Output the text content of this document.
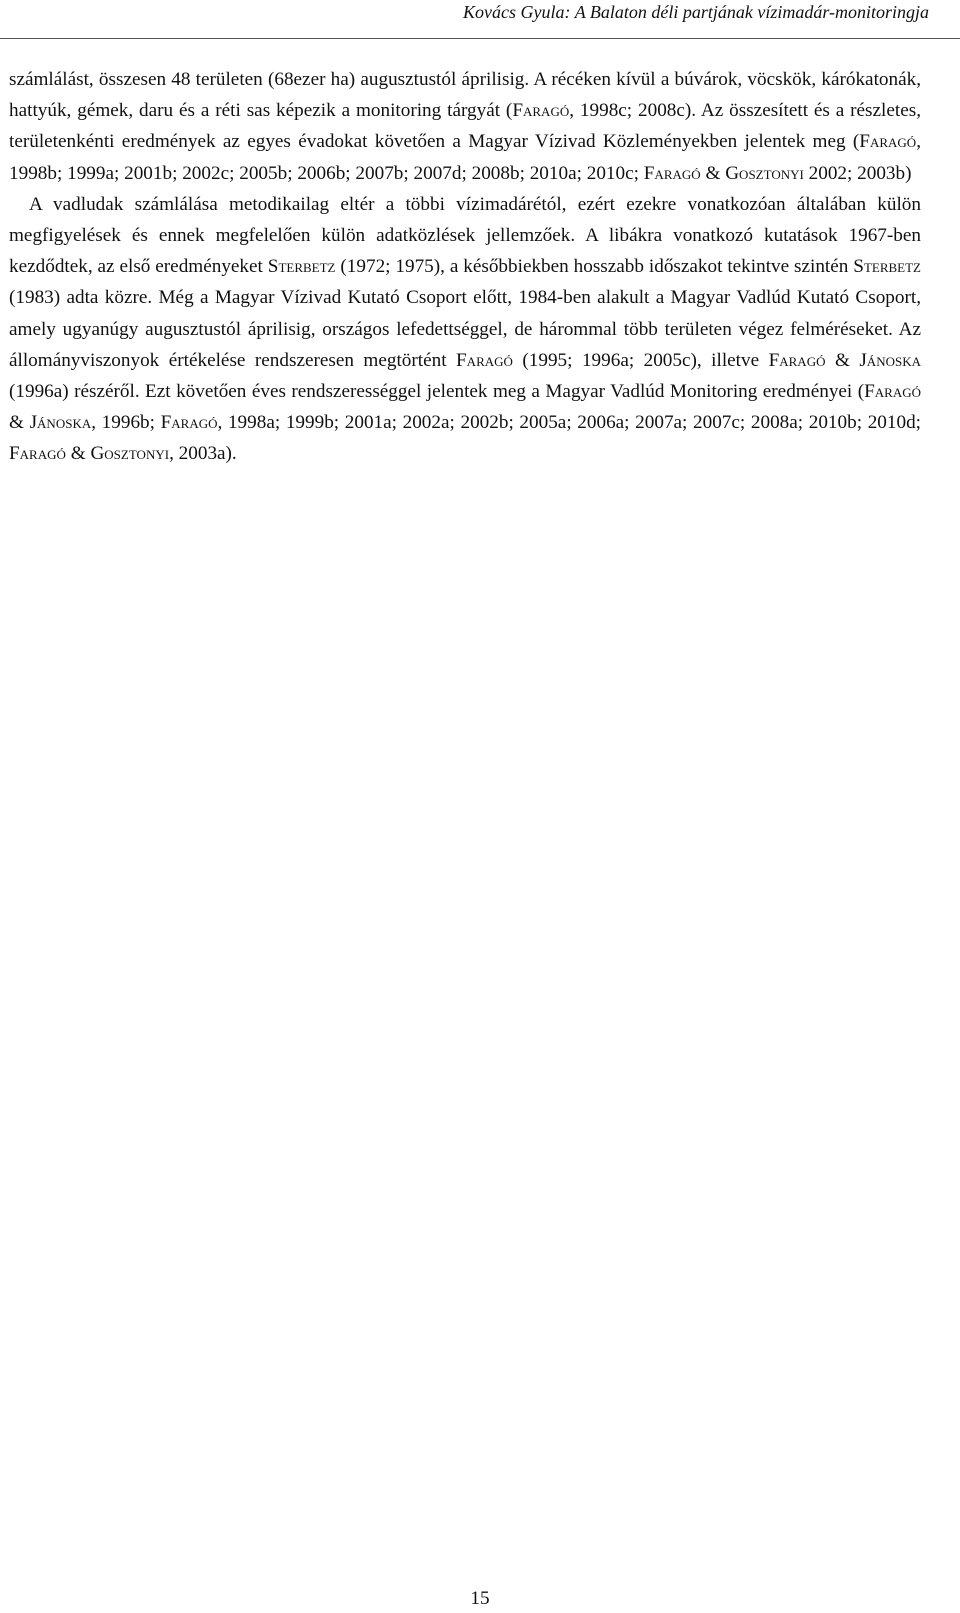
Kovács Gyula: A Balaton déli partjának vízimadár-monitoringja

számlálást, összesen 48 területen (68ezer ha) augusztustól áprilisig. A récéken kívül a búvárok, vöcskök, kárókatonák, hattyúk, gémek, daru és a réti sas képezik a monitoring tárgyát (Faragó, 1998c; 2008c). Az összesített és a részletes, területenkénti eredmények az egyes évadokat követően a Magyar Vízivad Közleményekben jelentek meg (Faragó, 1998b; 1999a; 2001b; 2002c; 2005b; 2006b; 2007b; 2007d; 2008b; 2010a; 2010c; Faragó & Gosztonyi 2002; 2003b)

A vadludak számlálása metodikailag eltér a többi vízimadárétól, ezért ezekre vonatkozóan általában külön megfigyelések és ennek megfelelően külön adatközlések jellemzőek. A libákra vonatkozó kutatások 1967-ben kezdődtek, az első eredményeket Sterbetz (1972; 1975), a későbbiekben hosszabb időszakot tekintve szintén Sterbetz (1983) adta közre. Még a Magyar Vízivad Kutató Csoport előtt, 1984-ben alakult a Magyar Vadlúd Kutató Csoport, amely ugyanúgy augusztustól áprilisig, országos lefedettséggel, de hárommal több területen végez felméréseket. Az állományviszonyok értékelése rendszeresen megtörtént Faragó (1995; 1996a; 2005c), illetve Faragó & Jánoska (1996a) részéről. Ezt követően éves rendszerességgel jelentek meg a Magyar Vadlúd Monitoring eredményei (Faragó & Jánoska, 1996b; Faragó, 1998a; 1999b; 2001a; 2002a; 2002b; 2005a; 2006a; 2007a; 2007c; 2008a; 2010b; 2010d; Faragó & Gosztonyi, 2003a).

15
